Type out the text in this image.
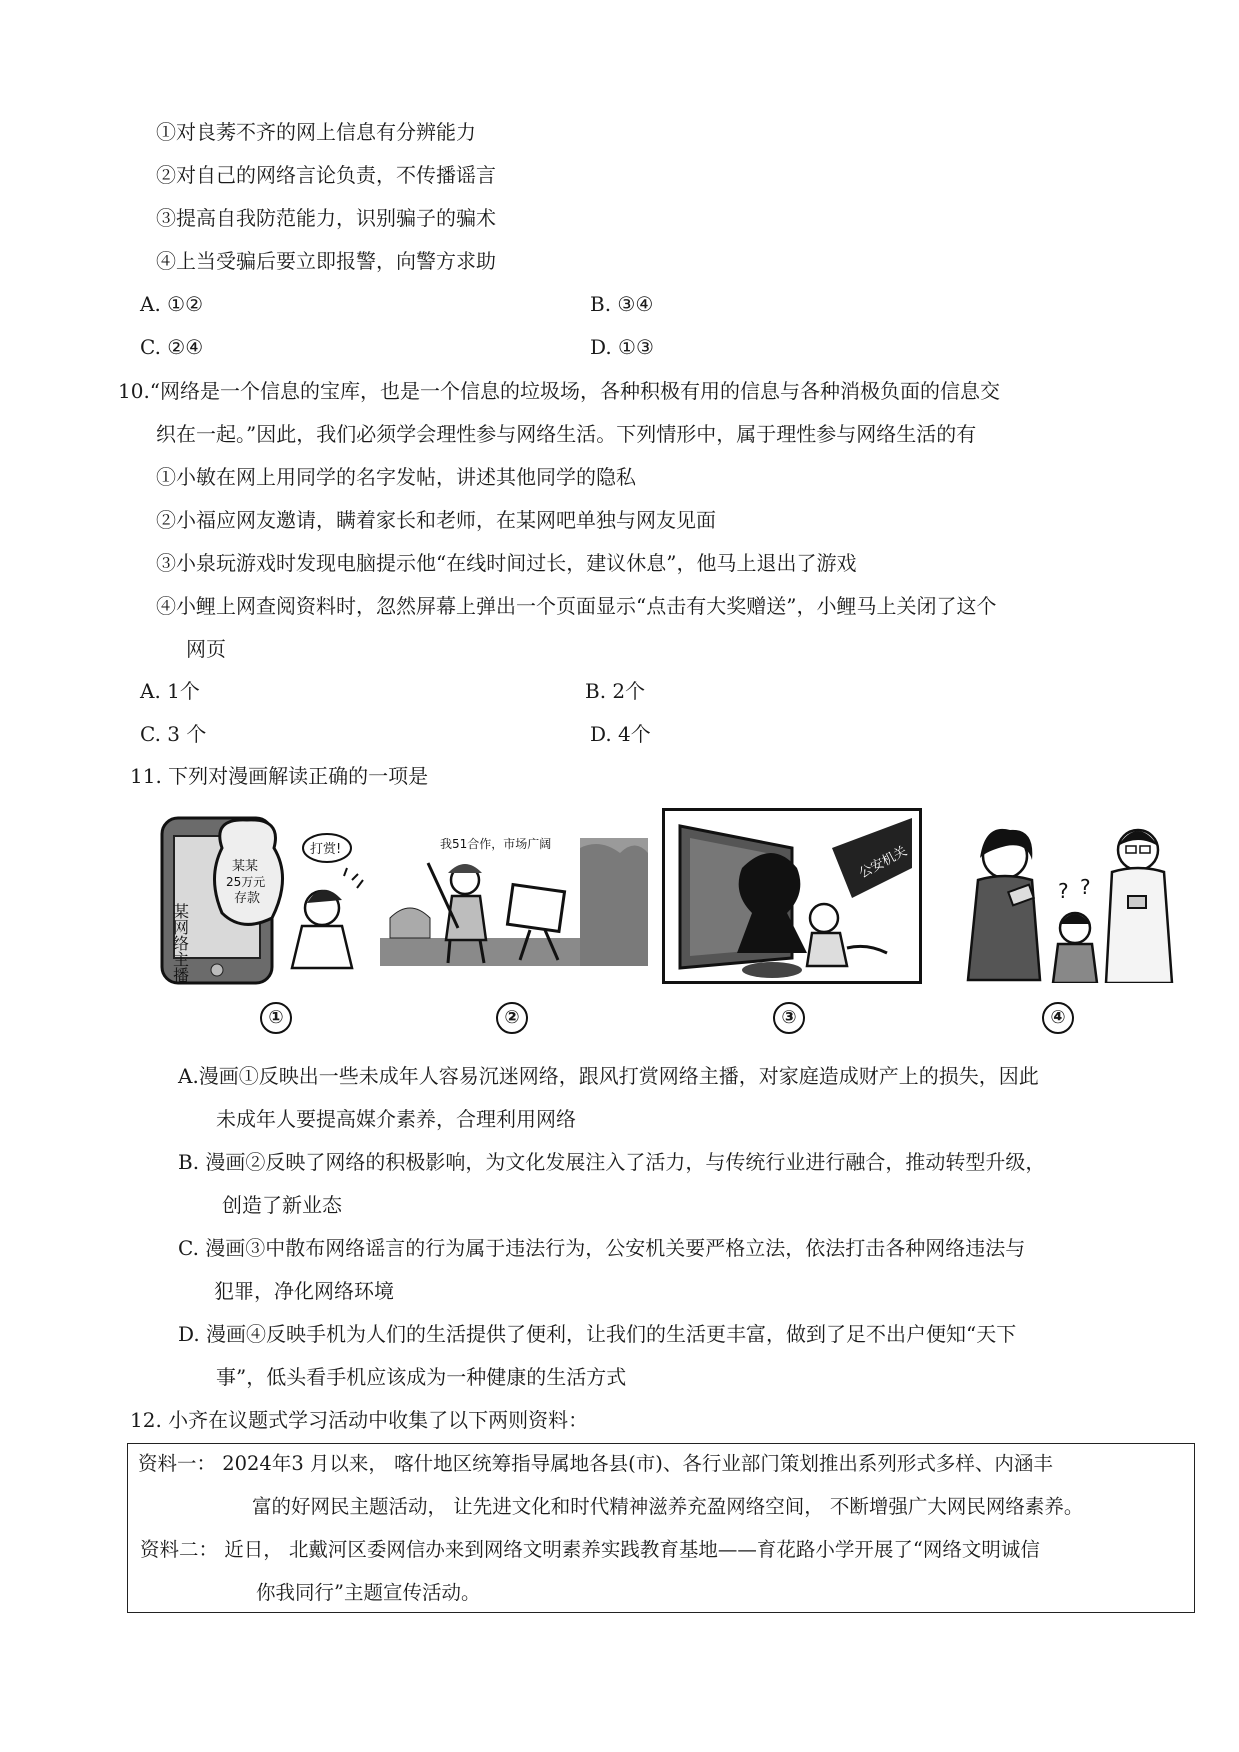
①对良莠不齐的网上信息有分辨能力
②对自己的网络言论负责，不传播谣言
③提高自我防范能力，识别骗子的骗术
④上当受骗后要立即报警，向警方求助
A. ①②	B. ③④
C. ②④	D. ①③
10.“网络是一个信息的宝库，也是一个信息的垃圾场，各种积极有用的信息与各种消极负面的信息交
织在一起。”因此，我们必须学会理性参与网络生活。下列情形中，属于理性参与网络生活的有
①小敏在网上用同学的名字发帖，讲述其他同学的隐私
②小福应网友邀请，瞒着家长和老师，在某网吧单独与网友见面
③小泉玩游戏时发现电脑提示他“在线时间过长，建议休息”，他马上退出了游戏
④小鲤上网查阅资料时，忽然屏幕上弹出一个页面显示“点击有大奖赠送”，小鲤马上关闭了这个
网页
A. 1个	B. 2个
C. 3 个	D. 4个
11. 下列对漫画解读正确的一项是
某网络主播
某某
25万元
存款
打赏!
①
我51合作，市场广阔
②
公安机关
③
? ?
④
A.漫画①反映出一些未成年人容易沉迷网络，跟风打赏网络主播，对家庭造成财产上的损失，因此
未成年人要提高媒介素养，合理利用网络
B. 漫画②反映了网络的积极影响，为文化发展注入了活力，与传统行业进行融合，推动转型升级，
创造了新业态
C. 漫画③中散布网络谣言的行为属于违法行为，公安机关要严格立法，依法打击各种网络违法与
犯罪，净化网络环境
D. 漫画④反映手机为人们的生活提供了便利，让我们的生活更丰富，做到了足不出户便知“天下
事”，低头看手机应该成为一种健康的生活方式
12. 小齐在议题式学习活动中收集了以下两则资料：
资料一： 2024年3 月以来， 喀什地区统筹指导属地各县(市)、各行业部门策划推出系列形式多样、内涵丰
富的好网民主题活动， 让先进文化和时代精神滋养充盈网络空间， 不断增强广大网民网络素养。
资料二： 近日， 北戴河区委网信办来到网络文明素养实践教育基地——育花路小学开展了“网络文明诚信
你我同行”主题宣传活动。
